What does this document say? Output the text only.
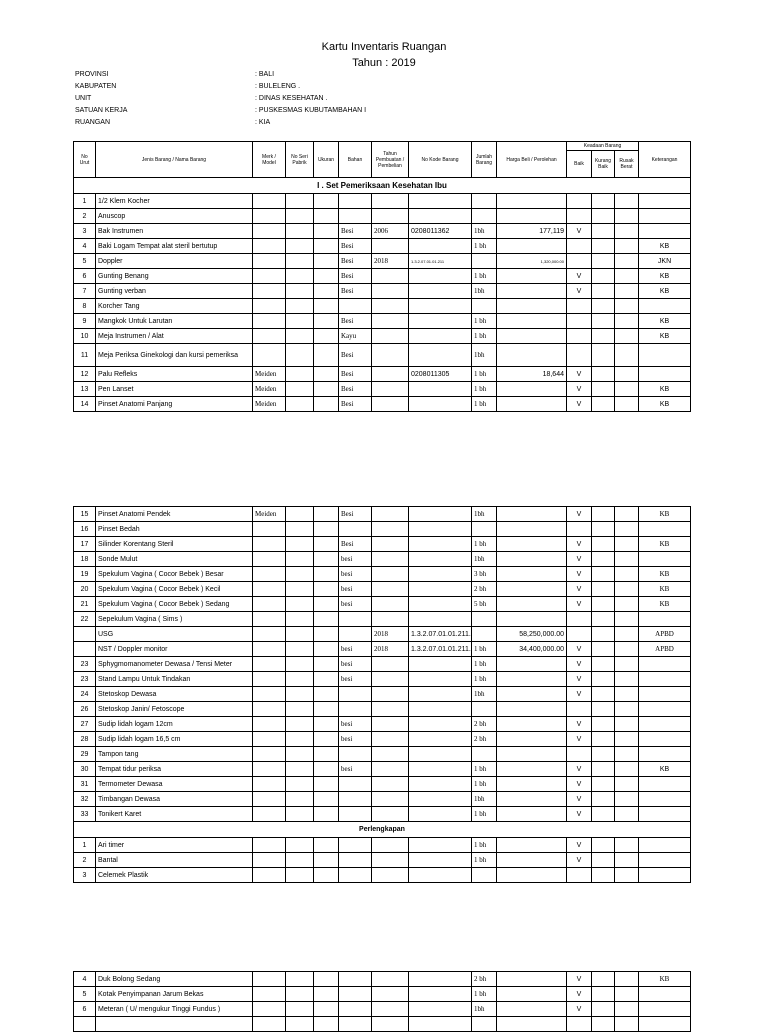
Kartu Inventaris Ruangan
Tahun : 2019
PROVINSI	: BALI
KABUPATEN	: BULELENG .
UNIT	: DINAS KESEHATAN .
SATUAN KERJA	: PUSKESMAS KUBUTAMBAHAN I
RUANGAN	: KIA
No Urut	Jenis Barang / Nama Barang	Merk / Model	No Seri Pabrik	Ukuran	Bahan	Tahun Pembuatan / Pembelian	No Kode Barang	Jumlah Barang	Harga Beli / Perolehan	Keadaan Barang			Keterangan
										Baik	Kurang Baik	Rusak Berat	
I . Set Pemeriksaan Kesehatan Ibu													
1	1/2 Klem Kocher												
2	Anuscop												
3	Bak Instrumen				Besi	2006	0208011362	1bh	177,119	V			
4	Baki Logam Tempat alat steril bertutup				Besi			1 bh					KB
5	Doppler				Besi	2018	1.3.2.07.01.01.211		1,320,000.00				JKN
6	Gunting Benang				Besi			1 bh		V			KB
7	Gunting verban				Besi			1bh		V			KB
8	Korcher Tang												
9	Mangkok Untuk Larutan				Besi			1 bh					KB
10	Meja Instrumen / Alat				Kayu			1 bh					KB
11	Meja Periksa Ginekologi dan kursi pemeriksa				Besi			1bh					
12	Palu Refleks	Meiden			Besi		0208011305	1 bh	18,644	V			
13	Pen Lanset	Meiden			Besi			1 bh		V			KB
14	Pinset Anatomi Panjang	Meiden			Besi			1 bh		V			KB
15	Pinset Anatomi Pendek	Meiden			Besi			1bh		V			KB
16	Pinset Bedah												
17	Silinder Korentang Steril				Besi			1 bh		V			KB
18	Sonde Mulut				besi			1bh		V			
19	Spekulum Vagina ( Cocor Bebek ) Besar				besi			3 bh		V			KB
20	Spekulum Vagina ( Cocor Bebek ) Kecil				besi			2 bh		V			KB
21	Spekulum Vagina ( Cocor Bebek ) Sedang				besi			5 bh		V			KB
22	Sepekulum Vagina ( Sims )												
	USG					2018	1.3.2.07.01.01.211.		58,250,000.00				APBD
	NST / Doppler monitor				besi	2018	1.3.2.07.01.01.211.	1 bh	34,400,000.00	V			APBD
23	Sphygmomanometer Dewasa / Tensi Meter				besi			1 bh		V			
23	Stand Lampu Untuk Tindakan				besi			1 bh		V			
24	Stetoskop Dewasa							1bh		V			
26	Stetoskop Janin/ Fetoscope												
27	Sudip lidah logam 12cm				besi			2 bh		V			
28	Sudip lidah logam 16,5 cm				besi			2 bh		V			
29	Tampon tang												
30	Tempat tidur periksa				besi			1 bh		V			KB
31	Termometer Dewasa							1 bh		V			
32	Timbangan Dewasa							1bh		V			
33	Tonikert Karet							1 bh		V			
Perlengkapan													
1	Ari timer							1 bh		V			
2	Bantal							1 bh		V			
3	Celemek Plastik												
4	Duk Bolong Sedang							2 bh		V			KB
5	Kotak Penyimpanan Jarum Bekas							1 bh		V			
6	Meteran ( U/ mengukur Tinggi Fundus )							1bh		V			
